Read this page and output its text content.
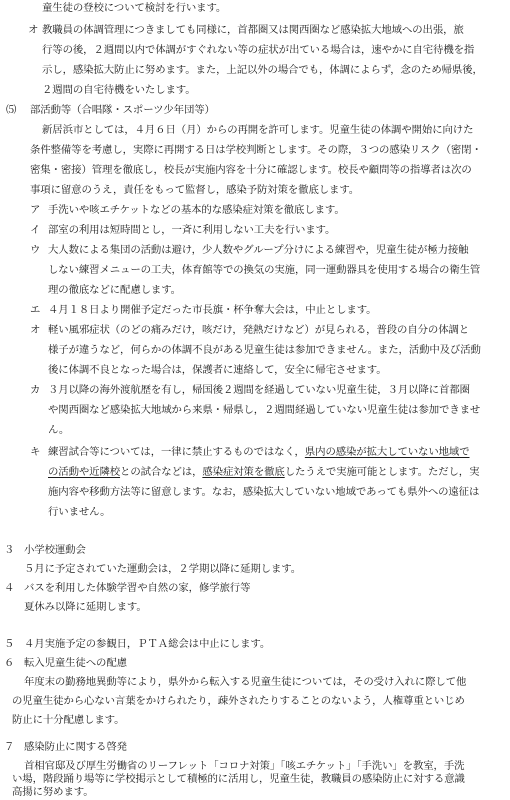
童生徒の登校について検討を行います。

オ 教職員の体調管理につきましても同様に，首都圏又は関西圏など感染拡大地域への出張，旅

行等の後，２週間以内で体調がすぐれない等の症状が出ている場合は，速やかに自宅待機を指

示し，感染拡大防止に努めます。また，上記以外の場合でも，体調によらず，念のため帰県後，

２週間の自宅待機をいたします。

⑸ 部活動等（合唱隊・スポーツ少年団等）

新居浜市としては，４月６日（月）からの再開を許可します。児童生徒の体調や開始に向けた

条件整備等を考慮し，実際に再開する日は学校判断とします。その際，３つの感染リスク（密閉・

密集・密接）管理を徹底し，校長が実施内容を十分に確認します。校長や顧問等の指導者は次の

事項に留意のうえ，責任をもって監督し，感染予防対策を徹底します。

ア 手洗いや咳エチケットなどの基本的な感染症対策を徹底します。

イ 部室の利用は短時間とし，一斉に利用しない工夫を行います。

ウ 大人数による集団の活動は避け，少人数やグループ分けによる練習や，児童生徒が極力接触

しない練習メニューの工夫，体育館等での換気の実施，同一運動器具を使用する場合の衛生管

理の徹底などに配慮します。

エ ４月１８日より開催予定だった市長旗・杯争奪大会は，中止とします。

オ 軽い風邪症状（のどの痛みだけ，咳だけ，発熱だけなど）が見られる，普段の自分の体調と

様子が違うなど，何らかの体調不良がある児童生徒は参加できません。また，活動中及び活動

後に体調不良となった場合は，保護者に連絡して，安全に帰宅させます。

カ ３月以降の海外渡航歴を有し，帰国後２週間を経過していない児童生徒，３月以降に首都圏

や関西圏など感染拡大地域から来県・帰県し，２週間経過していない児童生徒は参加できませ

ん。

キ 練習試合等については，一律に禁止するものではなく，県内の感染が拡大していない地域で

の活動や近隣校との試合などは，感染症対策を徹底したうえで実施可能とします。ただし，実

施内容や移動方法等に留意します。なお，感染拡大していない地域であっても県外への遠征は

行いません。

３ 小学校運動会

５月に予定されていた運動会は，２学期以降に延期します。

４ バスを利用した体験学習や自然の家，修学旅行等

夏休み以降に延期します。

５ ４月実施予定の参観日，ＰＴＡ総会は中止にします。

６ 転入児童生徒への配慮

年度末の勤務地異動等により，県外から転入する児童生徒については，その受け入れに際して他

の児童生徒から心ない言葉をかけられたり，疎外されたりすることのないよう，人権尊重といじめ

防止に十分配慮します。

７ 感染防止に関する啓発

首相官邸及び厚生労働省のリーフレット「コロナ対策」「咳エチケット」「手洗い」を教室，手洗

い場，階段踊り場等に学校掲示として積極的に活用し，児童生徒，教職員の感染防止に対する意識

高揚に努めます。
